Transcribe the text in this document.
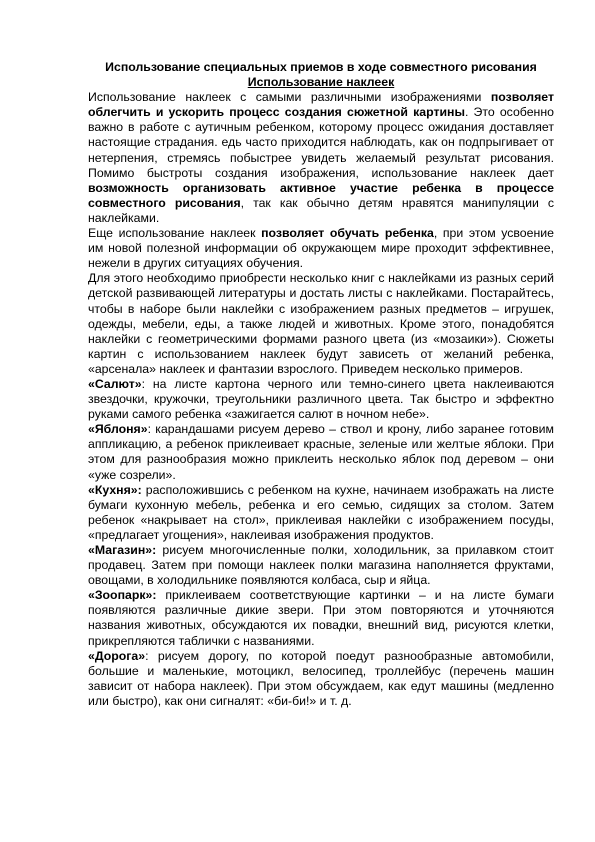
Использование специальных приемов в ходе совместного рисования

Использование наклеек

Использование наклеек с самыми различными изображениями позволяет облегчить и ускорить процесс создания сюжетной картины. Это особенно важно в работе с аутичным ребенком, которому процесс ожидания доставляет настоящие страдания. едь часто приходится наблюдать, как он подпрыгивает от нетерпения, стремясь побыстрее увидеть желаемый результат рисования. Помимо быстроты создания изображения, использование наклеек дает возможность организовать активное участие ребенка в процессе совместного рисования, так как обычно детям нравятся манипуляции с наклейками.

Еще использование наклеек позволяет обучать ребенка, при этом усвоение им новой полезной информации об окружающем мире проходит эффективнее, нежели в других ситуациях обучения.

Для этого необходимо приобрести несколько книг с наклейками из разных серий детской развивающей литературы и достать листы с наклейками. Постарайтесь, чтобы в наборе были наклейки с изображением разных предметов – игрушек, одежды, мебели, еды, а также людей и животных. Кроме этого, понадобятся наклейки с геометрическими формами разного цвета (из «мозаики»). Сюжеты картин с использованием наклеек будут зависеть от желаний ребенка, «арсенала» наклеек и фантазии взрослого. Приведем несколько примеров.

«Салют»: на листе картона черного или темно-синего цвета наклеиваются звездочки, кружочки, треугольники различного цвета. Так быстро и эффектно руками самого ребенка «зажигается салют в ночном небе».

«Яблоня»: карандашами рисуем дерево – ствол и крону, либо заранее готовим аппликацию, а ребенок приклеивает красные, зеленые или желтые яблоки. При этом для разнообразия можно приклеить несколько яблок под деревом – они «уже созрели».

«Кухня»: расположившись с ребенком на кухне, начинаем изображать на листе бумаги кухонную мебель, ребенка и его семью, сидящих за столом. Затем ребенок «накрывает на стол», приклеивая наклейки с изображением посуды, «предлагает угощения», наклеивая изображения продуктов.

«Магазин»: рисуем многочисленные полки, холодильник, за прилавком стоит продавец. Затем при помощи наклеек полки магазина наполняется фруктами, овощами, в холодильнике появляются колбаса, сыр и яйца.

«Зоопарк»: приклеиваем соответствующие картинки – и на листе бумаги появляются различные дикие звери. При этом повторяются и уточняются названия животных, обсуждаются их повадки, внешний вид, рисуются клетки, прикрепляются таблички с названиями.

«Дорога»: рисуем дорогу, по которой поедут разнообразные автомобили, большие и маленькие, мотоцикл, велосипед, троллейбус (перечень машин зависит от набора наклеек). При этом обсуждаем, как едут машины (медленно или быстро), как они сигналят: «би-би!» и т. д.
